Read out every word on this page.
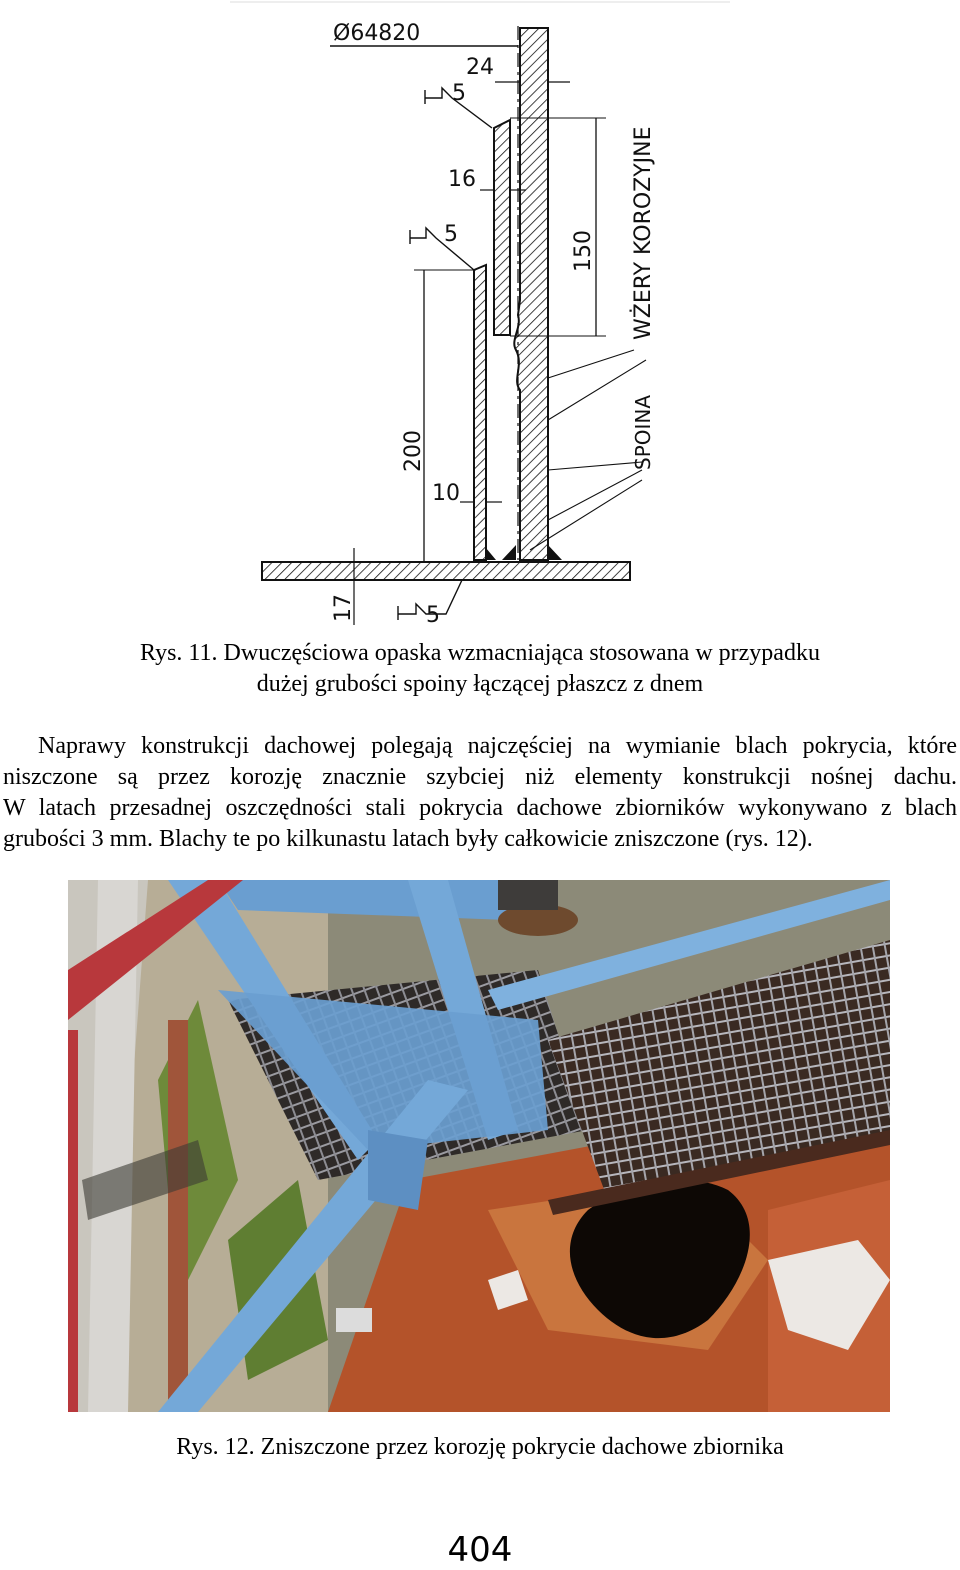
Ø64820
24
5
16
5	150
200
10
17	5
WŻERY KOROZYJNE
SPOINA
Rys. 11. Dwuczęściowa opaska wzmacniająca stosowana w przypadku
dużej grubości spoiny łączącej płaszcz z dnem

Naprawy konstrukcji dachowej polegają najczęściej na wymianie blach pokrycia, które

niszczone są przez korozję znacznie szybciej niż elementy konstrukcji nośnej dachu.

W latach przesadnej oszczędności stali pokrycia dachowe zbiorników wykonywano z blach

grubości 3 mm. Blachy te po kilkunastu latach były całkowicie zniszczone (rys. 12).

Rys. 12. Zniszczone przez korozję pokrycie dachowe zbiornika
404
